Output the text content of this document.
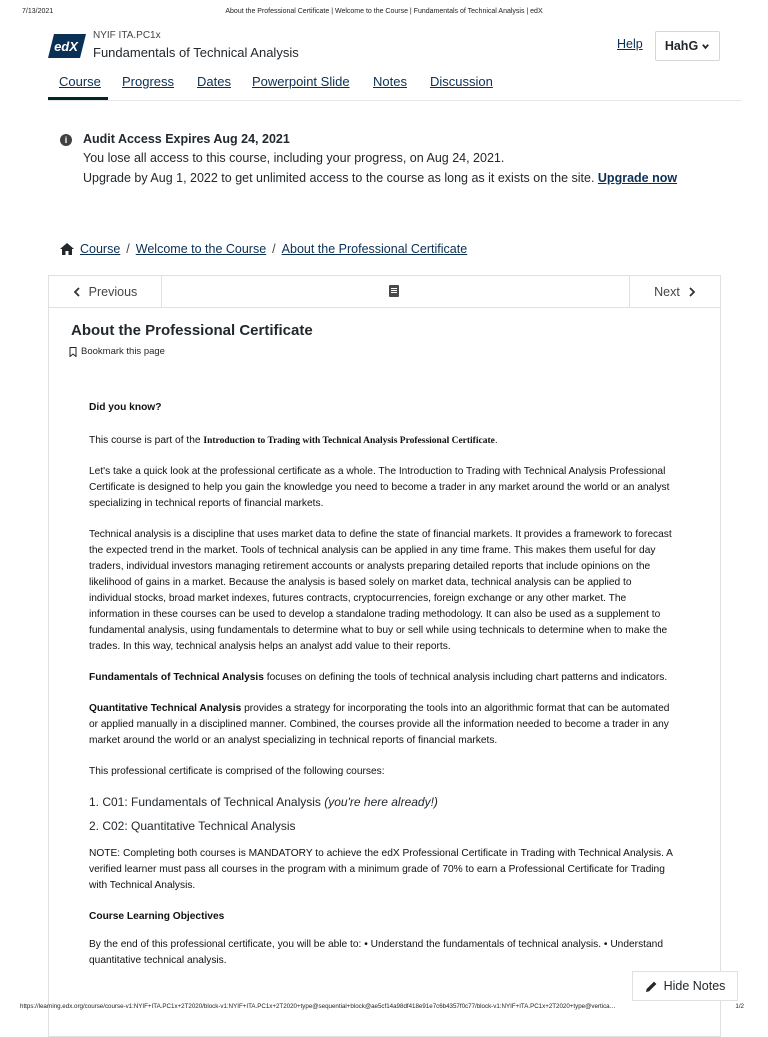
7/13/2021	About the Professional Certificate | Welcome to the Course | Fundamentals of Technical Analysis | edX
edX
NYIF ITA.PC1x
Fundamentals of Technical Analysis
Help HahG
Course Progress Dates Powerpoint Slide Notes Discussion
i	Audit Access Expires Aug 24, 2021
You lose all access to this course, including your progress, on Aug 24, 2021.
Upgrade by Aug 1, 2022 to get unlimited access to the course as long as it exists on the site. Upgrade now
Course / Welcome to the Course / About the Professional Certificate
Previous	Next
About the Professional Certificate
Bookmark this page

Did you know?

This course is part of the Introduction to Trading with Technical Analysis Professional Certificate.

Let's take a quick look at the professional certificate as a whole. The Introduction to Trading with Technical Analysis Professional Certificate is designed to help you gain the knowledge you need to become a trader in any market around the world or an analyst specializing in technical reports of financial markets.

Technical analysis is a discipline that uses market data to define the state of financial markets. It provides a framework to forecast the expected trend in the market. Tools of technical analysis can be applied in any time frame. This makes them useful for day traders, individual investors managing retirement accounts or analysts preparing detailed reports that include opinions on the likelihood of gains in a market. Because the analysis is based solely on market data, technical analysis can be applied to individual stocks, broad market indexes, futures contracts, cryptocurrencies, foreign exchange or any other market. The information in these courses can be used to develop a standalone trading methodology. It can also be used as a supplement to fundamental analysis, using fundamentals to determine what to buy or sell while using technicals to determine when to make the trades. In this way, technical analysis helps an analyst add value to their reports.

Fundamentals of Technical Analysis focuses on defining the tools of technical analysis including chart patterns and indicators.

Quantitative Technical Analysis provides a strategy for incorporating the tools into an algorithmic format that can be automated or applied manually in a disciplined manner. Combined, the courses provide all the information needed to become a trader in any market around the world or an analyst specializing in technical reports of financial markets.

This professional certificate is comprised of the following courses:

1. C01: Fundamentals of Technical Analysis (you're here already!)
2. C02: Quantitative Technical Analysis

NOTE: Completing both courses is MANDATORY to achieve the edX Professional Certificate in Trading with Technical Analysis. A verified learner must pass all courses in the program with a minimum grade of 70% to earn a Professional Certificate for Trading with Technical Analysis.

Course Learning Objectives

By the end of this professional certificate, you will be able to: • Understand the fundamentals of technical analysis. • Understand quantitative technical analysis.

Hide Notes
https://learning.edx.org/course/course-v1:NYIF+ITA.PC1x+2T2020/block-v1:NYIF+ITA.PC1x+2T2020+type@sequential+block@ae5cf14a98df418e91e7c6b4357f0c77/block-v1:NYIF+ITA.PC1x+2T2020+type@vertica…	1/2
